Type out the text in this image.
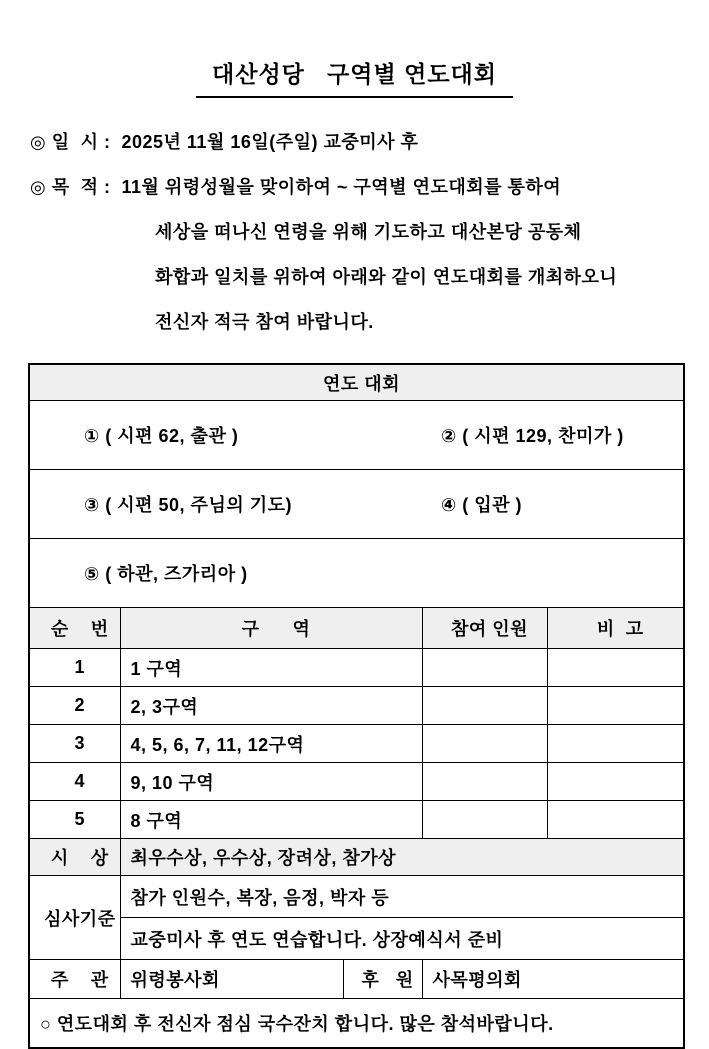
대산성당   구역별 연도대회
◎ 일  시 :  2025년 11월 16일(주일) 교중미사 후
◎ 목  적 :  11월 위령성월을 맞이하여 ~ 구역별 연도대회를 통하여
세상을 떠나신 연령을 위해 기도하고 대산본당 공동체
화합과 일치를 위하여 아래와 같이 연도대회를 개최하오니
전신자 적극 참여 바랍니다.
연도 대회				

① ( 시편 62, 출관 ) ② ( 시편 129, 찬미가 )				

③ ( 시편 50, 주님의 기도) ④ ( 입관 )				

⑤ ( 하관, 즈가리아 )				

순    번	구      역		참여 인원	비  고
1	1 구역			
2	2, 3구역			
3	4, 5, 6, 7, 11, 12구역			
4	9, 10 구역			
5	8 구역			
시    상	최우수상, 우수상, 장려상, 참가상			
심사기준	참가 인원수, 복장, 음정, 박자 등			
	교중미사 후 연도 연습합니다. 상장예식서 준비			
주    관	위령봉사회	후   원	사목평의회	
○ 연도대회 후 전신자 점심 국수잔치 합니다. 많은 참석바랍니다.				
